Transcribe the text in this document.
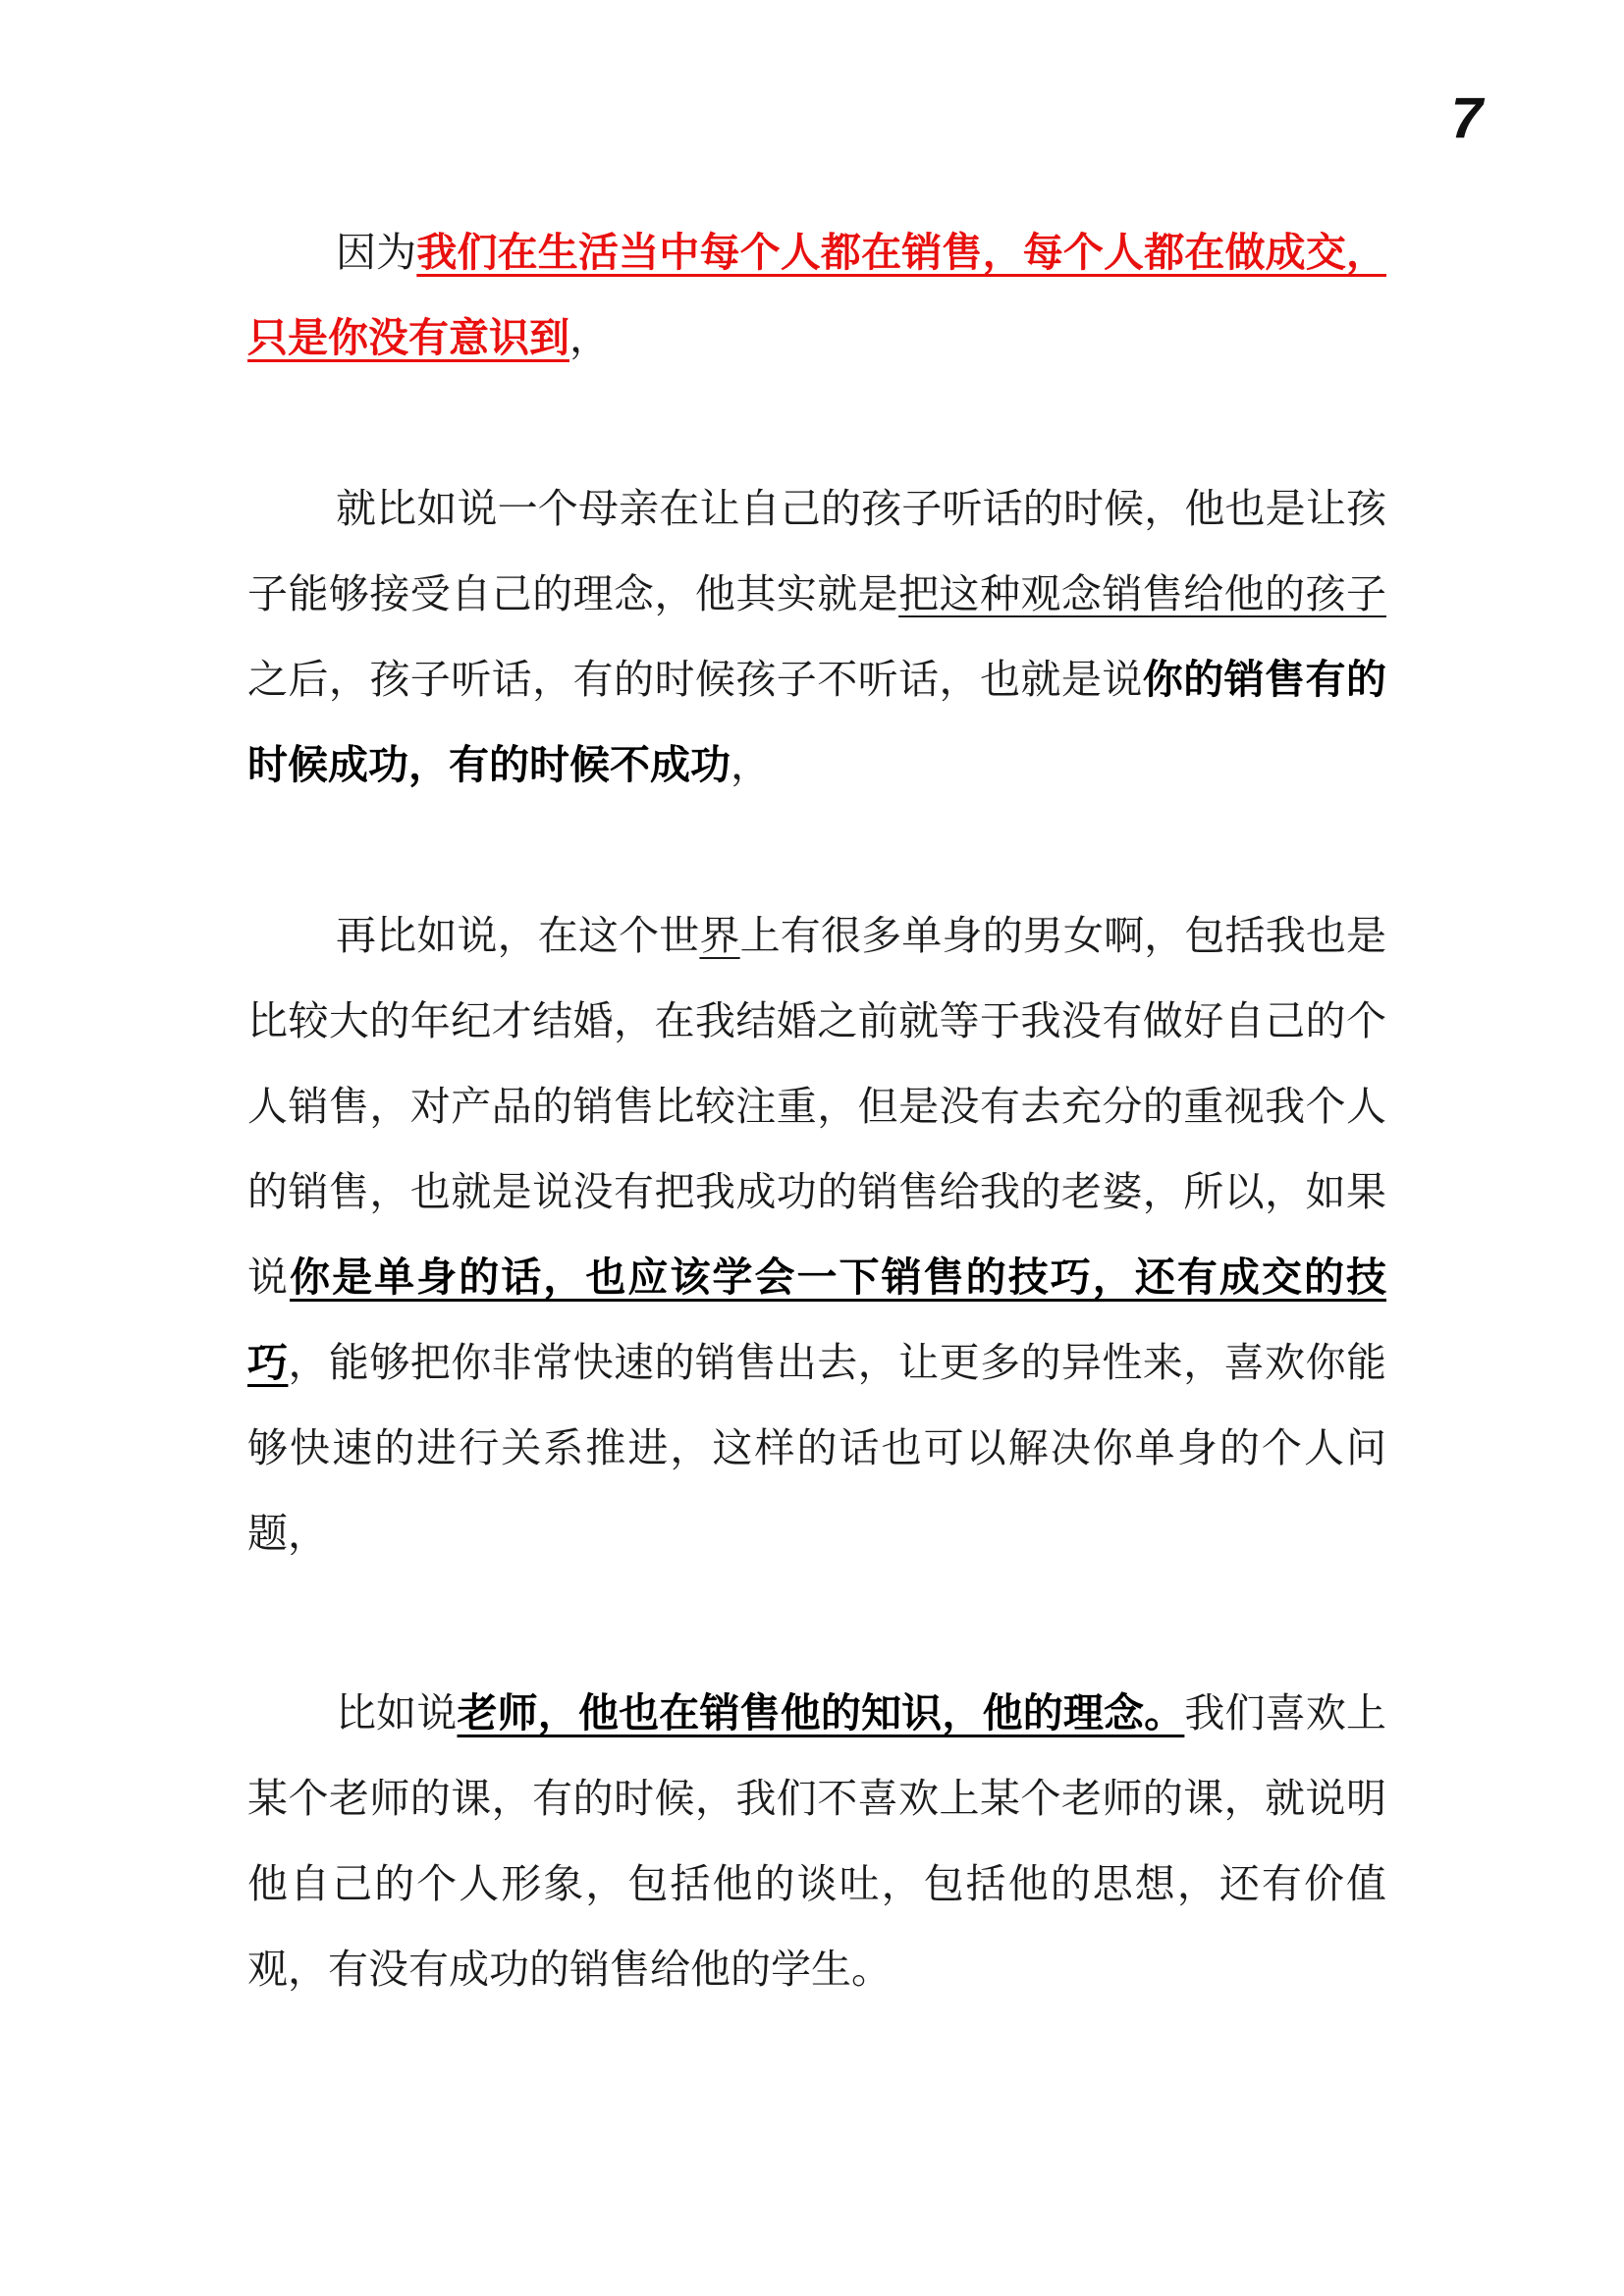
7

因为我们在生活当中每个人都在销售，每个人都在做成交，只是你没有意识到，

就比如说一个母亲在让自己的孩子听话的时候，他也是让孩子能够接受自己的理念，他其实就是把这种观念销售给他的孩子之后，孩子听话，有的时候孩子不听话，也就是说你的销售有的时候成功，有的时候不成功，

再比如说，在这个世界上有很多单身的男女啊，包括我也是比较大的年纪才结婚，在我结婚之前就等于我没有做好自己的个人销售，对产品的销售比较注重，但是没有去充分的重视我个人的销售，也就是说没有把我成功的销售给我的老婆，所以，如果说你是单身的话，也应该学会一下销售的技巧，还有成交的技巧，能够把你非常快速的销售出去，让更多的异性来，喜欢你能够快速的进行关系推进，这样的话也可以解决你单身的个人问题，

比如说老师，他也在销售他的知识，他的理念。我们喜欢上某个老师的课，有的时候，我们不喜欢上某个老师的课，就说明他自己的个人形象，包括他的谈吐，包括他的思想，还有价值观，有没有成功的销售给他的学生。
